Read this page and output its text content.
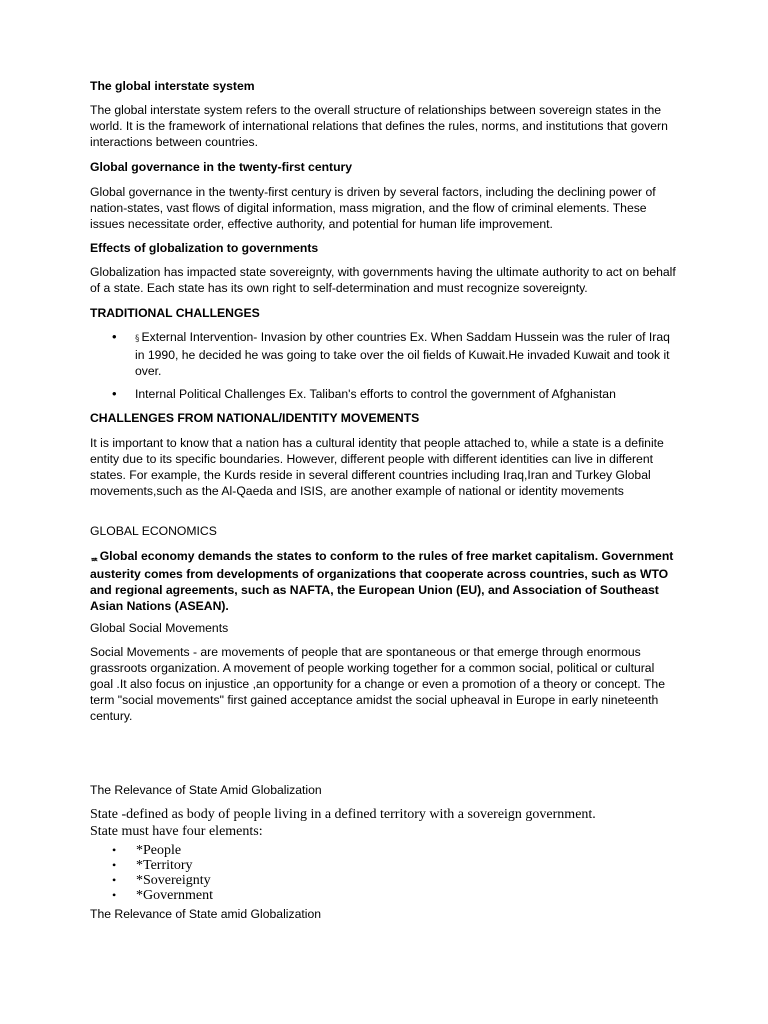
The global interstate system
The global interstate system refers to the overall structure of relationships between sovereign states in the world. It is the framework of international relations that defines the rules, norms, and institutions that govern interactions between countries.
Global governance in the twenty-first century
Global governance in the twenty-first century is driven by several factors, including the declining power of nation-states, vast flows of digital information, mass migration, and the flow of criminal elements. These issues necessitate order, effective authority, and potential for human life improvement.
Effects of globalization to governments
Globalization has impacted state sovereignty, with governments having the ultimate authority to act on behalf of a state. Each state has its own right to self-determination and must recognize sovereignty.
TRADITIONAL CHALLENGES
•	§ External Intervention- Invasion by other countries Ex. When Saddam Hussein was the ruler of Iraq in 1990, he decided he was going to take over the oil fields of Kuwait.He invaded Kuwait and took it over.
•	Internal Political Challenges Ex. Taliban's efforts to control the government of Afghanistan
CHALLENGES FROM NATIONAL/IDENTITY MOVEMENTS
It is important to know that a nation has a cultural identity that people attached to, while a state is a definite entity due to its specific boundaries. However, different people with different identities can live in different states. For example, the Kurds reside in several different countries including Iraq,Iran and Turkey Global movements,such as the Al-Qaeda and ISIS, are another example of national or identity movements
GLOBAL ECONOMICS
ᇠGlobal economy demands the states to conform to the rules of free market capitalism. Government austerity comes from developments of organizations that cooperate across countries, such as WTO and regional agreements, such as NAFTA, the European Union (EU), and Association of Southeast Asian Nations (ASEAN).
Global Social Movements
Social Movements - are movements of people that are spontaneous or that emerge through enormous grassroots organization. A movement of people working together for a common social, political or cultural goal .It also focus on injustice ,an opportunity for a change or even a promotion of a theory or concept. The term "social movements" first gained acceptance amidst the social upheaval in Europe in early nineteenth century.
The Relevance of State Amid Globalization
State -defined as body of people living in a defined territory with a sovereign government.
State must have four elements:
• *People
• *Territory
• *Sovereignty
• *Government
The Relevance of State amid Globalization
